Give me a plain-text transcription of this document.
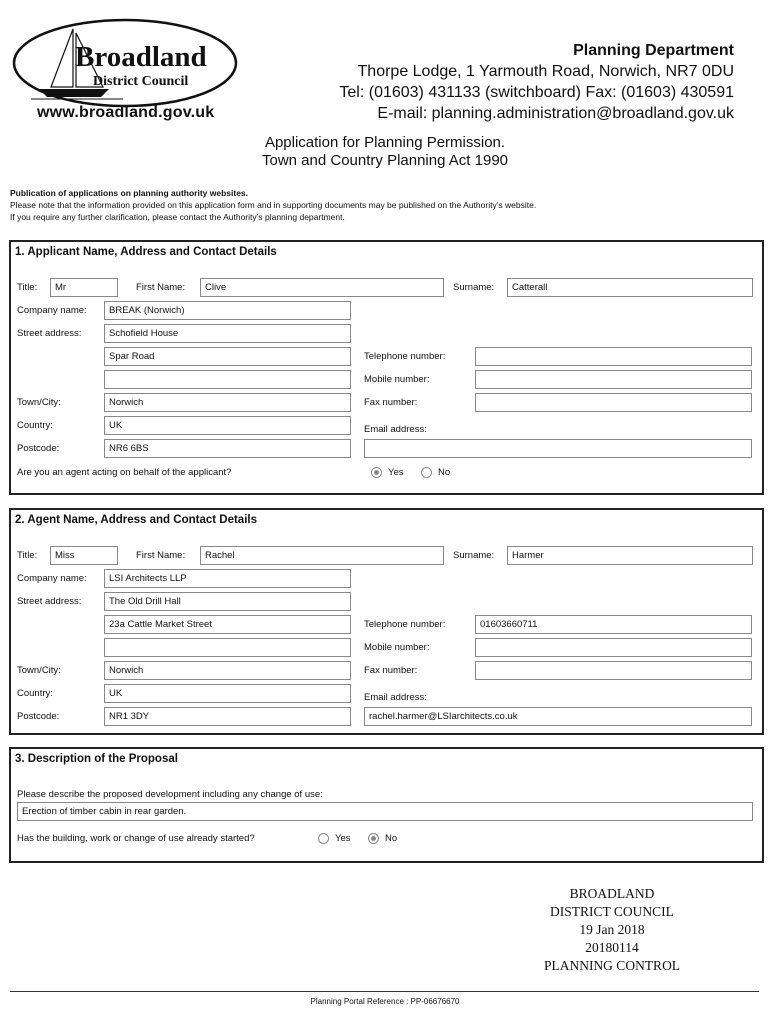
Broadland
District Council
www.broadland.gov.uk
Planning Department
Thorpe Lodge, 1 Yarmouth Road, Norwich, NR7 0DU
Tel: (01603) 431133 (switchboard) Fax: (01603) 430591
E-mail: planning.administration@broadland.gov.uk
Application for Planning Permission.
Town and Country Planning Act 1990
Publication of applications on planning authority websites.
Please note that the information provided on this application form and in supporting documents may be published on the Authority’s website.
If you require any further clarification, please contact the Authority’s planning department.
1. Applicant Name, Address and Contact Details
Title:	Mr	First Name:	Clive	Surname:	Catterall
Company name:	BREAK (Norwich)
Street address:	Schofield House
Spar Road	Telephone number:
Mobile number:
Town/City:	Norwich	Fax number:
Country:	UK	Email address:
Postcode:	NR6 6BS
Are you an agent acting on behalf of the applicant?	Yes	No
2. Agent Name, Address and Contact Details
Title:	Miss	First Name:	Rachel	Surname:	Harmer
Company name:	LSI Architects LLP
Street address:	The Old Drill Hall
23a Cattle Market Street	Telephone number:	01603660711
Mobile number:
Town/City:	Norwich	Fax number:
Country:	UK	Email address:
Postcode:	NR1 3DY	rachel.harmer@LSIarchitects.co.uk
3. Description of the Proposal
Please describe the proposed development including any change of use:
Erection of timber cabin in rear garden.
Has the building, work or change of use already started?	Yes	No
BROADLAND
DISTRICT COUNCIL
19 Jan 2018
20180114
PLANNING CONTROL
Planning Portal Reference : PP-06676670
